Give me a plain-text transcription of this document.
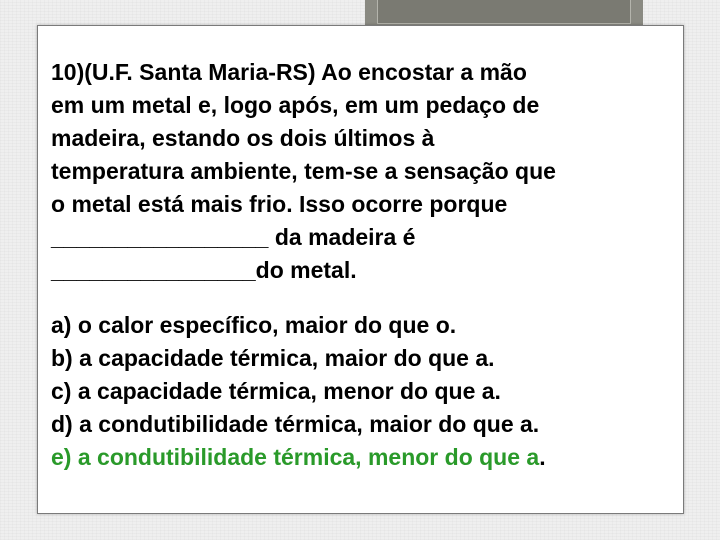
10)(U.F. Santa Maria-RS) Ao encostar a mão

em um metal e, logo após, em um pedaço de

madeira, estando os dois últimos à

temperatura ambiente, tem-se a sensação que

o metal está mais frio. Isso ocorre porque

_________________ da madeira é

________________do metal.

a) o calor específico, maior do que o.

b) a capacidade térmica, maior do que a.

c) a capacidade térmica, menor do que a.

d) a condutibilidade térmica, maior do que a.

e) a condutibilidade térmica, menor do que a.
